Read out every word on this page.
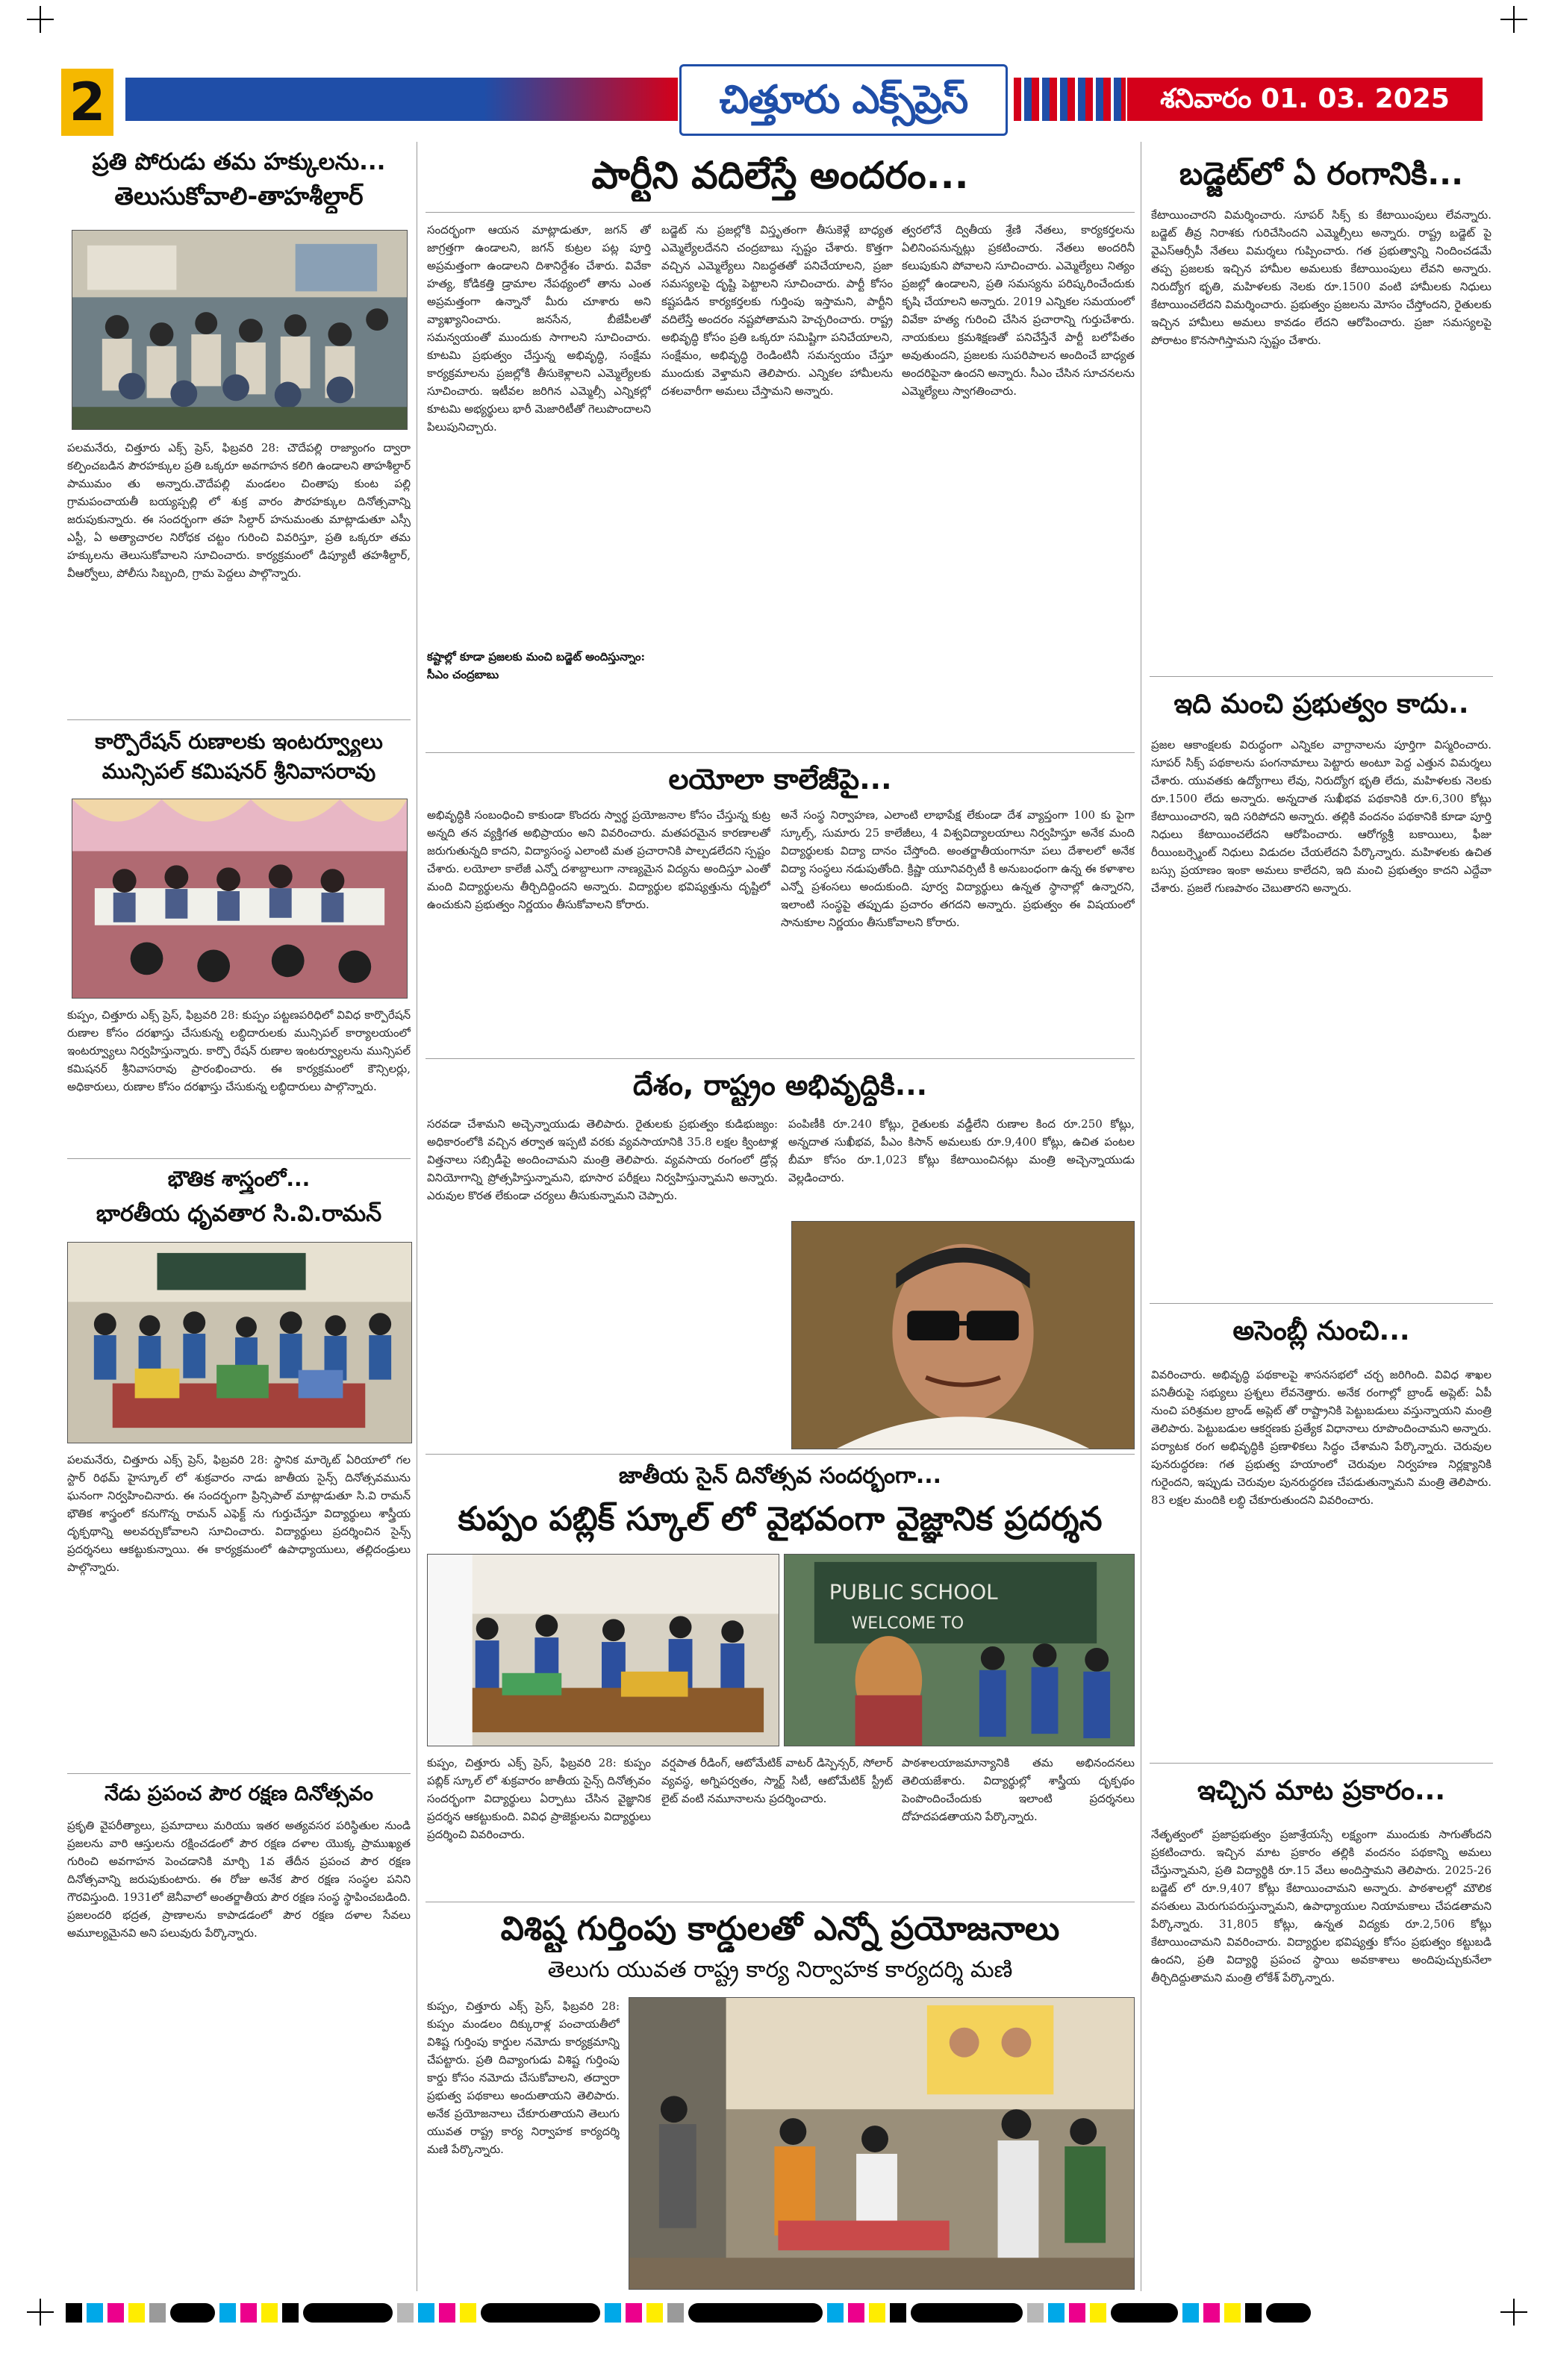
2	చిత్తూరు ఎక్స్‌ప్రెస్	శనివారం 01. 03. 2025
ప్రతి పోరుడు తమ హక్కులను...
తెలుసుకోవాలి-తాహశీల్దార్
పలమనేరు, చిత్తూరు ఎక్స్ ప్రెస్, ఫిబ్రవరి 28: చౌదేపల్లి రాజ్యాంగం ద్వారా కల్పించబడిన పౌరహక్కుల ప్రతి ఒక్కరూ అవగాహన కలిగి ఉండాలని తాహశీల్దార్ పాముమం తు అన్నారు.చౌదేపల్లి మండలం చింతాపు కుంట పల్లి గ్రామపంచాయతీ బయ్యప్పల్లి లో శుక్ర వారం పౌరహక్కుల దినోత్సవాన్ని జరుపుకున్నారు. ఈ సందర్భంగా తహ సిల్దార్ హనుమంతు మాట్లాడుతూ ఎస్సీ ఎస్టీ, ఏ అత్యాచారల నిరోధక చట్టం గురించి వివరిస్తూ, ప్రతి ఒక్కరూ తమ హక్కులను తెలుసుకోవాలని సూచించారు. కార్యక్రమంలో డిప్యూటీ తహశీల్దార్, వీఆర్వోలు, పోలీసు సిబ్బంది, గ్రామ పెద్దలు పాల్గొన్నారు.
కార్పొరేషన్ రుణాలకు ఇంటర్వ్యూలు
మున్సిపల్ కమిషనర్ శ్రీనివాసరావు
కుప్పం, చిత్తూరు ఎక్స్ ప్రెస్, ఫిబ్రవరి 28: కుప్పం పట్టణపరిధిలో వివిధ కార్పొరేషన్ రుణాల కోసం దరఖాస్తు చేసుకున్న లబ్ధిదారులకు మున్సిపల్ కార్యాలయంలో ఇంటర్వ్యూలు నిర్వహిస్తున్నారు. కార్పొ రేషన్ రుణాల ఇంటర్వ్యూలను మున్సిపల్ కమిషనర్ శ్రీనివాసరావు ప్రారంభించారు. ఈ కార్యక్రమంలో కౌన్సిలర్లు, అధికారులు, రుణాల కోసం దరఖాస్తు చేసుకున్న లబ్ధిదారులు పాల్గొన్నారు.
భౌతిక శాస్త్రంలో...
భారతీయ ధృవతార సి.వి.రామన్
పలమనేరు, చిత్తూరు ఎక్స్ ప్రెస్, ఫిబ్రవరి 28: స్థానిక మార్కెట్ ఏరియాలో గల స్టార్ రిథమ్ హైస్కూల్ లో శుక్రవారం నాడు జాతీయ సైన్స్ దినోత్సవమును ఘనంగా నిర్వహించినారు. ఈ సందర్భంగా ప్రిన్సిపాల్ మాట్లాడుతూ సి.వి రామన్ భౌతిక శాస్త్రంలో కనుగొన్న రామన్ ఎఫెక్ట్ ను గుర్తుచేస్తూ విద్యార్థులు శాస్త్రీయ దృక్పథాన్ని అలవర్చుకోవాలని సూచించారు. విద్యార్థులు ప్రదర్శించిన సైన్స్ ప్రదర్శనలు ఆకట్టుకున్నాయి. ఈ కార్యక్రమంలో ఉపాధ్యాయులు, తల్లిదండ్రులు పాల్గొన్నారు.
నేడు ప్రపంచ పౌర రక్షణ దినోత్సవం
ప్రకృతి వైపరీత్యాలు, ప్రమాదాలు మరియు ఇతర అత్యవసర పరిస్థితుల నుండి ప్రజలను వారి ఆస్తులను రక్షించడంలో పౌర రక్షణ దళాల యొక్క ప్రాముఖ్యత గురించి అవగాహన పెంచడానికి మార్చి 1వ తేదీన ప్రపంచ పౌర రక్షణ దినోత్సవాన్ని జరుపుకుంటారు. ఈ రోజు అనేక పౌర రక్షణ సంస్థల పనిని గౌరవిస్తుంది. 1931లో జెనీవాలో అంతర్జాతీయ పౌర రక్షణ సంస్థ స్థాపించబడింది. ప్రజలందరి భద్రత, ప్రాణాలను కాపాడడంలో పౌర రక్షణ దళాల సేవలు అమూల్యమైనవి అని పలువురు పేర్కొన్నారు.
పార్టీని వదిలేస్తే అందరం...
సందర్భంగా ఆయన మాట్లాడుతూ, జగన్ తో జాగ్రత్తగా ఉండాలని, జగన్ కుట్రల పట్ల పూర్తి అప్రమత్తంగా ఉండాలని దిశానిర్దేశం చేశారు. వివేకా హత్య, కోడికత్తి డ్రామాల నేపథ్యంలో తాను ఎంత అప్రమత్తంగా ఉన్నానో మీరు చూశారు అని వ్యాఖ్యానించారు. జనసేన, బీజేపీలతో సమన్వయంతో ముందుకు సాగాలని సూచించారు. కూటమి ప్రభుత్వం చేస్తున్న అభివృద్ధి, సంక్షేమ కార్యక్రమాలను ప్రజల్లోకి తీసుకెళ్లాలని ఎమ్మెల్యేలకు సూచించారు. ఇటీవల జరిగిన ఎమ్మెల్సీ ఎన్నికల్లో కూటమి అభ్యర్థులు భారీ మెజారిటీతో గెలుపొందాలని పిలుపునిచ్చారు.
కష్టాల్లో కూడా ప్రజలకు మంచి బడ్జెట్ అందిస్తున్నాం: సీఎం చంద్రబాబు
బడ్జెట్ ను ప్రజల్లోకి విస్తృతంగా తీసుకెళ్లే బాధ్యత ఎమ్మెల్యేలదేనని చంద్రబాబు స్పష్టం చేశారు. కొత్తగా వచ్చిన ఎమ్మెల్యేలు నిబద్ధతతో పనిచేయాలని, ప్రజా సమస్యలపై దృష్టి పెట్టాలని సూచించారు. పార్టీ కోసం కష్టపడిన కార్యకర్తలకు గుర్తింపు ఇస్తామని, పార్టీని వదిలేస్తే అందరం నష్టపోతామని హెచ్చరించారు. రాష్ట్ర అభివృద్ధి కోసం ప్రతి ఒక్కరూ సమిష్టిగా పనిచేయాలని, సంక్షేమం, అభివృద్ధి రెండింటినీ సమన్వయం చేస్తూ ముందుకు వెళ్తామని తెలిపారు. ఎన్నికల హామీలను దశలవారీగా అమలు చేస్తామని అన్నారు.
త్వరలోనే ద్వితీయ శ్రేణి నేతలు, కార్యకర్తలను ఏలినింపనున్నట్లు ప్రకటించారు. నేతలు అందరినీ కలుపుకుని పోవాలని సూచించారు. ఎమ్మెల్యేలు నిత్యం ప్రజల్లో ఉండాలని, ప్రతి సమస్యను పరిష్కరించేందుకు కృషి చేయాలని అన్నారు. 2019 ఎన్నికల సమయంలో వివేకా హత్య గురించి చేసిన ప్రచారాన్ని గుర్తుచేశారు. నాయకులు క్రమశిక్షణతో పనిచేస్తేనే పార్టీ బలోపేతం అవుతుందని, ప్రజలకు సుపరిపాలన అందించే బాధ్యత అందరిపైనా ఉందని అన్నారు. సీఎం చేసిన సూచనలను ఎమ్మెల్యేలు స్వాగతించారు.
లయోలా కాలేజీపై...
అభివృద్ధికి సంబంధించి కాకుండా కొందరు స్వార్థ ప్రయోజనాల కోసం చేస్తున్న కుట్ర అన్నది తన వ్యక్తిగత అభిప్రాయం అని వివరించారు. మతపరమైన కారణాలతో జరుగుతున్నది కాదని, విద్యాసంస్థ ఎలాంటి మత ప్రచారానికి పాల్పడలేదని స్పష్టం చేశారు. లయోలా కాలేజీ ఎన్నో దశాబ్దాలుగా నాణ్యమైన విద్యను అందిస్తూ ఎంతో మంది విద్యార్థులను తీర్చిదిద్దిందని అన్నారు. విద్యార్థుల భవిష్యత్తును దృష్టిలో ఉంచుకుని ప్రభుత్వం నిర్ణయం తీసుకోవాలని కోరారు.
అనే సంస్థ నిర్వాహణ, ఎలాంటి లాభాపేక్ష లేకుండా దేశ వ్యాప్తంగా 100 కు పైగా స్కూల్స్, సుమారు 25 కాలేజీలు, 4 విశ్వవిద్యాలయాలు నిర్వహిస్తూ అనేక మంది విద్యార్థులకు విద్యా దానం చేస్తోంది. అంతర్జాతీయంగానూ పలు దేశాలలో అనేక విద్యా సంస్థలు నడుపుతోంది. క్రిష్ణా యూనివర్సిటీ కి అనుబంధంగా ఉన్న ఈ కళాశాల ఎన్నో ప్రశంసలు అందుకుంది. పూర్వ విద్యార్థులు ఉన్నత స్థానాల్లో ఉన్నారని, ఇలాంటి సంస్థపై తప్పుడు ప్రచారం తగదని అన్నారు. ప్రభుత్వం ఈ విషయంలో సానుకూల నిర్ణయం తీసుకోవాలని కోరారు.
దేశం, రాష్ట్రం అభివృద్ధికి...
సరవడా చేశామని అచ్చెన్నాయుడు తెలిపారు. రైతులకు ప్రభుత్వం కుడిభుజ్యం: అధికారంలోకి వచ్చిన తర్వాత ఇప్పటి వరకు వ్యవసాయానికి 35.8 లక్షల క్వింటాళ్ల విత్తనాలు సబ్సిడీపై అందించామని మంత్రి తెలిపారు. వ్యవసాయ రంగంలో డ్రోన్ల వినియోగాన్ని ప్రోత్సహిస్తున్నామని, భూసార పరీక్షలు నిర్వహిస్తున్నామని అన్నారు. ఎరువుల కొరత లేకుండా చర్యలు తీసుకున్నామని చెప్పారు.
పంపిణీకి రూ.240 కోట్లు, రైతులకు వడ్డీలేని రుణాల కింద రూ.250 కోట్లు, అన్నదాత సుఖీభవ, పీఎం కిసాన్ అమలుకు రూ.9,400 కోట్లు, ఉచిత పంటల బీమా కోసం రూ.1,023 కోట్లు కేటాయించినట్లు మంత్రి అచ్చెన్నాయుడు వెల్లడించారు.
జాతీయ సైన్ దినోత్సవ సందర్భంగా...
కుప్పం పబ్లిక్ స్కూల్ లో వైభవంగా వైజ్ఞానిక ప్రదర్శన
PUBLIC SCHOOL
WELCOME TO
కుప్పం, చిత్తూరు ఎక్స్ ప్రెస్, ఫిబ్రవరి 28: కుప్పం పబ్లిక్ స్కూల్ లో శుక్రవారం జాతీయ సైన్స్ దినోత్సవం సందర్భంగా విద్యార్థులు ఏర్పాటు చేసిన వైజ్ఞానిక ప్రదర్శన ఆకట్టుకుంది. వివిధ ప్రాజెక్టులను విద్యార్థులు ప్రదర్శించి వివరించారు.
వర్షపాత రీడింగ్, ఆటోమేటిక్ వాటర్ డిస్పెన్సర్, సోలార్ వ్యవస్థ, అగ్నిపర్వతం, స్మార్ట్ సిటీ, ఆటోమేటిక్ స్ట్రీట్ లైట్ వంటి నమూనాలను ప్రదర్శించారు.
పాఠశాలయాజమాన్యానికి తమ అభినందనలు తెలియజేశారు. విద్యార్థుల్లో శాస్త్రీయ దృక్పథం పెంపొందించేందుకు ఇలాంటి ప్రదర్శనలు దోహదపడతాయని పేర్కొన్నారు.
విశిష్ట గుర్తింపు కార్డులతో ఎన్నో ప్రయోజనాలు
తెలుగు యువత రాష్ట్ర కార్య నిర్వాహక కార్యదర్శి మణి
కుప్పం, చిత్తూరు ఎక్స్ ప్రెస్, ఫిబ్రవరి 28: కుప్పం మండలం దిక్కురాళ్ల పంచాయతీలో విశిష్ట గుర్తింపు కార్డుల నమోదు కార్యక్రమాన్ని చేపట్టారు. ప్రతి దివ్యాంగుడు విశిష్ట గుర్తింపు కార్డు కోసం నమోదు చేసుకోవాలని, తద్వారా ప్రభుత్వ పథకాలు అందుతాయని తెలిపారు. అనేక ప్రయోజనాలు చేకూరుతాయని తెలుగు యువత రాష్ట్ర కార్య నిర్వాహక కార్యదర్శి మణి పేర్కొన్నారు.
బడ్జెట్‌లో ఏ రంగానికి...
కేటాయించారని విమర్శించారు. సూపర్ సిక్స్ కు కేటాయింపులు లేవన్నారు. బడ్జెట్ తీవ్ర నిరాశకు గురిచేసిందని ఎమ్మెల్సీలు అన్నారు. రాష్ట్ర బడ్జెట్ పై వైఎస్ఆర్సీపీ నేతలు విమర్శలు గుప్పించారు. గత ప్రభుత్వాన్ని నిందించడమే తప్ప ప్రజలకు ఇచ్చిన హామీల అమలుకు కేటాయింపులు లేవని అన్నారు. నిరుద్యోగ భృతి, మహిళలకు నెలకు రూ.1500 వంటి హామీలకు నిధులు కేటాయించలేదని విమర్శించారు. ప్రభుత్వం ప్రజలను మోసం చేస్తోందని, రైతులకు ఇచ్చిన హామీలు అమలు కావడం లేదని ఆరోపించారు. ప్రజా సమస్యలపై పోరాటం కొనసాగిస్తామని స్పష్టం చేశారు.
ఇది మంచి ప్రభుత్వం కాదు..
ప్రజల ఆకాంక్షలకు విరుద్ధంగా ఎన్నికల వాగ్దానాలను పూర్తిగా విస్మరించారు. సూపర్ సిక్స్ పథకాలను పంగనామాలు పెట్టారు అంటూ పెద్ద ఎత్తున విమర్శలు చేశారు. యువతకు ఉద్యోగాలు లేవు, నిరుద్యోగ భృతి లేదు, మహిళలకు నెలకు రూ.1500 లేదు అన్నారు. అన్నదాత సుఖీభవ పథకానికి రూ.6,300 కోట్లు కేటాయించారని, ఇది సరిపోదని అన్నారు. తల్లికి వందనం పథకానికి కూడా పూర్తి నిధులు కేటాయించలేదని ఆరోపించారు. ఆరోగ్యశ్రీ బకాయిలు, ఫీజు రీయింబర్స్మెంట్ నిధులు విడుదల చేయలేదని పేర్కొన్నారు. మహిళలకు ఉచిత బస్సు ప్రయాణం ఇంకా అమలు కాలేదని, ఇది మంచి ప్రభుత్వం కాదని ఎద్దేవా చేశారు. ప్రజలే గుణపాఠం చెబుతారని అన్నారు.
అసెంబ్లీ నుంచి...
వివరించారు. అభివృద్ధి పథకాలపై శాసనసభలో చర్చ జరిగింది. వివిధ శాఖల పనితీరుపై సభ్యులు ప్రశ్నలు లేవనెత్తారు. అనేక రంగాల్లో బ్రాండ్ అప్లెట్: ఏపీ నుంచి పరిశ్రమల బ్రాండ్ అప్లెట్ తో రాష్ట్రానికి పెట్టుబడులు వస్తున్నాయని మంత్రి తెలిపారు. పెట్టుబడుల ఆకర్షణకు ప్రత్యేక విధానాలు రూపొందించామని అన్నారు. పర్యాటక రంగ అభివృద్ధికి ప్రణాళికలు సిద్ధం చేశామని పేర్కొన్నారు. చెరువుల పునరుద్ధరణ: గత ప్రభుత్వ హయాంలో చెరువుల నిర్వహణ నిర్లక్ష్యానికి గురైందని, ఇప్పుడు చెరువుల పునరుద్ధరణ చేపడుతున్నామని మంత్రి తెలిపారు. 83 లక్షల మందికి లబ్ధి చేకూరుతుందని వివరించారు.
ఇచ్చిన మాట ప్రకారం...
నేతృత్వంలో ప్రజాప్రభుత్వం ప్రజాశ్రేయస్సే లక్ష్యంగా ముందుకు సాగుతోందని ప్రకటించారు. ఇచ్చిన మాట ప్రకారం తల్లికి వందనం పథకాన్ని అమలు చేస్తున్నామని, ప్రతి విద్యార్థికి రూ.15 వేలు అందిస్తామని తెలిపారు. 2025-26 బడ్జెట్ లో రూ.9,407 కోట్లు కేటాయించామని అన్నారు. పాఠశాలల్లో మౌలిక వసతులు మెరుగుపరుస్తున్నామని, ఉపాధ్యాయుల నియామకాలు చేపడతామని పేర్కొన్నారు. 31,805 కోట్లు, ఉన్నత విద్యకు రూ.2,506 కోట్లు కేటాయించామని వివరించారు. విద్యార్థుల భవిష్యత్తు కోసం ప్రభుత్వం కట్టుబడి ఉందని, ప్రతి విద్యార్థి ప్రపంచ స్థాయి అవకాశాలు అందిపుచ్చుకునేలా తీర్చిదిద్దుతామని మంత్రి లోకేశ్ పేర్కొన్నారు.
